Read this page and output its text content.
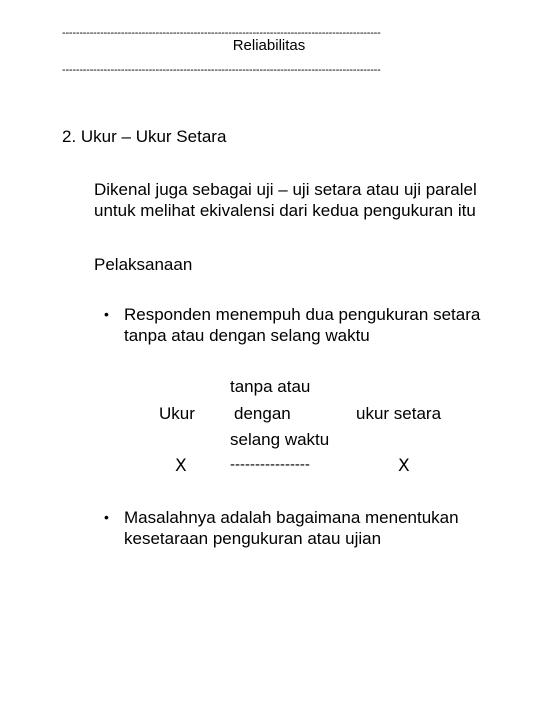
--------------------------------------------------------------------------------------------
Reliabilitas
--------------------------------------------------------------------------------------------
2. Ukur – Ukur Setara
Dikenal juga sebagai uji – uji setara atau uji paralel untuk melihat ekivalensi dari kedua pengukuran itu
Pelaksanaan
• Responden menempuh dua pengukuran setara tanpa atau dengan selang waktu
tanpa atau
Ukur dengan	ukur setara
selang waktu
X	----------------	X
• Masalahnya adalah bagaimana menentukan kesetaraan pengukuran atau ujian
